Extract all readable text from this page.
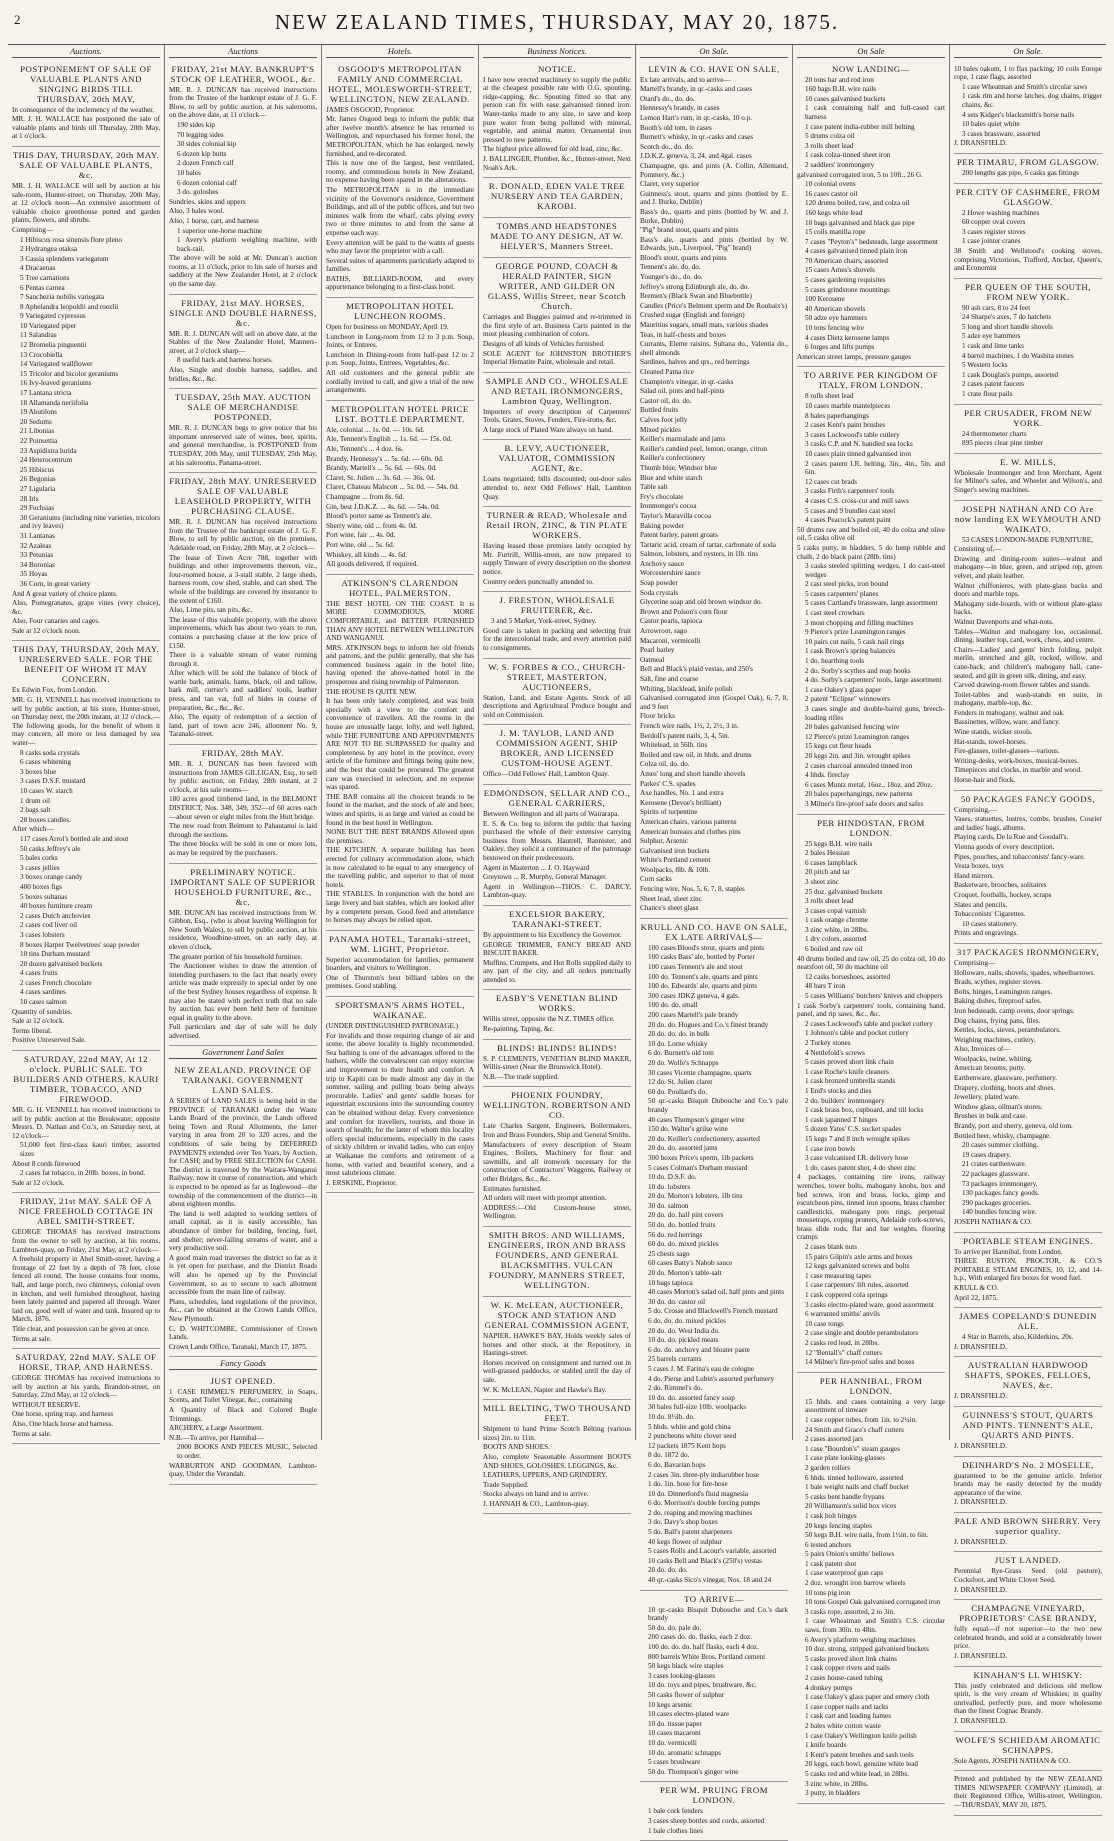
2	NEW ZEALAND TIMES, THURSDAY, MAY 20, 1875.
Auctions.
POSTPONEMENT OF SALE OF VALUABLE PLANTS AND SINGING BIRDS TILL THURSDAY, 20th MAY,
In consequence of the inclemency of the weather.
MR. J. H. WALLACE has postponed the sale of valuable plants and birds till Thursday, 20th May, at 1 o'clock.
THIS DAY, THURSDAY, 20th MAY. SALE OF VALUABLE PLANTS, &c.
MR. J. H. WALLACE will sell by auction at his sale-room, Hunter-street, on Thursday, 20th May, at 12 o'clock noon—An extensive assortment of valuable choice greenhouse potted and garden plants, flowers, and shrubs.
Comprising—
1 Hibiscus rosa sinensis flore pleno
2 Hydrangea otaksa
3 Cassia splendens variegatum
4 Dracaenas
5 Tree carnations
6 Pentas carnea
7 Sanchezia nobilis variegata
8 Aphelandra leopoldii and roezlii
9 Variegated cypressus
10 Variegated piper
11 Salandras
12 Bromelia pinguentii
13 Crocobiella
14 Variegated wallflower
15 Tricolor and bicolor geraniums
16 Ivy-leaved geraniums
17 Lantana stricta
18 Allamanda neriifolia
19 Abutilons
20 Sedums
21 Libonias
22 Poinsettia
23 Aspidistra lurida
24 Heterocentrum
25 Hibiscus
26 Begonias
27 Ligularia
28 Iris
29 Fuchsias
30 Geraniums (including nine varieties, tricolors and ivy leaves)
31 Lantanas
32 Azaleas
33 Petunias
34 Boronias
35 Hoyas
36 Corn, in great variety
And A great variety of choice plants.
Also, Pomegranates, grape vines (very choice), &c.
Also, Four canaries and cages.
Sale at 12 o'clock noon.
THIS DAY, THURSDAY, 20th MAY. UNRESERVED SALE. FOR THE BENEFIT OF WHOM IT MAY CONCERN.
Ex Edwin Fox, from London.
MR. G. H. VENNELL has received instructions to sell by public auction, at his store, Hunter-street, on Thursday next, the 20th instant, at 12 o'clock,—The following goods, for the benefit of whom it may concern, all more or less damaged by sea water—
8 casks soda crystals
6 cases whitening
3 boxes blue
3 cases D.S.F. mustard
10 cases W. starch
1 drum oil
2 bags salt
28 boxes candles.
After which—
117 cases Arrol's bottled ale and stout
50 casks Jeffrey's ale
5 bales corks
3 cases jellies
3 boxes orange candy
400 boxes figs
5 boxes sultanas
40 boxes furniture cream
2 cases Dutch anchovies
2 cases cod liver oil
3 cases lobsters
8 boxes Harper Twelvetrees' soap powder
10 tins Durham mustard
20 dozen galvanised buckets
4 cases fruits
2 cases French chocolate
4 cases sardines
10 cases salmon
Quantity of sundries.
Sale at 12 o'clock.
Terms liberal.
Positive Unreserved Sale.
SATURDAY, 22nd MAY, At 12 o'clock. PUBLIC SALE. TO BUILDERS AND OTHERS. KAURI TIMBER, TOBACCO, AND FIREWOOD.
MR. G. H. VENNELL has received instructions to sell by public auction at the Breakwater, opposite Messrs. D. Nathan and Co.'s, on Saturday next, at 12 o'clock—
51,000 feet first-class kauri timber, assorted sizes
About 8 cords firewood
2 cases fat tobacco, in 20lb. boxes, in bond.
Sale at 12 o'clock.
FRIDAY, 21st MAY. SALE OF A NICE FREEHOLD COTTAGE IN ABEL SMITH-STREET.
GEORGE THOMAS has received instructions from the owner to sell by auction, at his rooms, Lambton-quay, on Friday, 21st May, at 2 o'clock—
A freehold property in Abel Smith-street, having a frontage of 22 feet by a depth of 78 feet, close fenced all round. The house contains four rooms, hall, and large porch, two chimneys, colonial oven in kitchen, and well furnished throughout, having been lately painted and papered all through. Water laid on, good well of water and tank. Insured up to March, 1876.
Title clear, and possession can be given at once.
Terms at sale.
SATURDAY, 22nd MAY. SALE OF HORSE, TRAP, AND HARNESS.
GEORGE THOMAS has received instructions to sell by auction at his yards, Brandon-street, on Saturday, 22nd May, at 12 o'clock—
WITHOUT RESERVE.
One horse, spring trap, and harness
Also, One black horse and harness.
Terms at sale.
Auctions
FRIDAY, 21st MAY. BANKRUPT'S STOCK OF LEATHER, WOOL, &c.
MR. R. J. DUNCAN has received instructions from the Trustee of the bankrupt estate of J. G. F. Blow, to sell by public auction, at his salerooms, on the above date, at 11 o'clock—
190 sides kip
70 legging sides
30 sides colonial kip
6 dozen kip butts
2 dozen French calf
10 bales
6 dozen colonial calf
3 do. goloshes
Sundries, skins and uppers
Also, 3 bales wool.
Also, 1 horse, cart, and harness
1 superior one-horse machine
1 Avery's platform weighing machine, with back-rail.
The above will be sold at Mr. Duncan's auction rooms, at 11 o'clock, prior to his sale of horses and saddlery at the New Zealander Hotel, at 2 o'clock on the same day.
FRIDAY, 21st MAY. HORSES, SINGLE AND DOUBLE HARNESS, &c.
MR. R. J. DUNCAN will sell on above date, at the Stables of the New Zealander Hotel, Manners-street, at 2 o'clock sharp—
8 useful hack and harness horses.
Also, Single and double harness, saddles, and bridles, &c., &c.
TUESDAY, 25th MAY. AUCTION SALE OF MERCHANDISE POSTPONED.
MR. R. J. DUNCAN begs to give notice that his important unreserved sale of wines, beer, spirits, and general merchandise, is POSTPONED from TUESDAY, 20th May, until TUESDAY, 25th May, at his salerooms, Panama-street.
FRIDAY, 28th MAY. UNRESERVED SALE OF VALUABLE LEASEHOLD PROPERTY, WITH PURCHASING CLAUSE.
MR. R. J. DUNCAN has received instructions from the Trustee of the bankrupt estate of J. G. F. Blow, to sell by public auction, on the premises, Adelaide road, on Friday, 28th May, at 2 o'clock—
The lease of Town Acre 788, together with buildings and other improvements thereon, viz., four-roomed house, a 3-stall stable, 2 large sheds, harness room, cow shed, stable, and cart shed. The whole of the buildings are covered by insurance to the extent of £160.
Also, Lime pits, tan pits, &c.
The lease of this valuable property, with the above improvements, which has about two years to run, contains a purchasing clause at the low price of £150.
There is a valuable stream of water running through it.
After which will be sold the balance of block of wattle bark, animals, hams, black, oil and tallow, bark mill, currier's and saddlers' tools, leather press, and tan vat, full of hides in course of preparation, &c., &c., &c.
Also, The equity of redemption of a section of land, part of town acre 246, allotment No. 9, Taranaki-street.
FRIDAY, 28th MAY.
MR. R. J. DUNCAN has been favored with instructions from JAMES GILLIGAN, Esq., to sell by public auction, on Friday, 28th instant, at 2 o'clock, at his sale rooms—
180 acres good timbered land, in the BELMONT DISTRICT, Nos. 348, 349, 352—of 60 acres each—about seven or eight miles from the Hutt bridge.
The new road from Belmont to Pahautanui is laid through the sections.
The three blocks will be sold in one or more lots, as may be required by the purchasers.
PRELIMINARY NOTICE. IMPORTANT SALE OF SUPERIOR HOUSEHOLD FURNITURE, &c., &c.
MR. DUNCAN has received instructions from W. Gibbon, Esq., (who is about leaving Wellington for New South Wales), to sell by public auction, at his residence, Woodbine-street, on an early day, at eleven o'clock,
The greater portion of his household furniture.
The Auctioneer wishes to draw the attention of intending purchasers to the fact that nearly every article was made expressly to special order by one of the best Sydney houses regardless of expense. It may also be stated with perfect truth that no sale by auction has ever been held here of furniture equal in quality to the above.
Full particulars and day of sale will be duly advertised.
Government Land Sales
NEW ZEALAND. PROVINCE OF TARANAKI. GOVERNMENT LAND SALES.
A SERIES of LAND SALES is being held in the PROVINCE of TARANAKI under the Waste Lands Board of the province, the Lands offered being Town and Rural Allotments, the latter varying in area from 20 to 320 acres, and the conditions of sale being by DEFERRED PAYMENTS extended over Ten Years, by Auction, for CASH; and by FREE SELECTION for CASH. The district is traversed by the Waitara-Wanganui Railway, now in course of construction, and which is expected to be opened as far as Inglewood—the township of the commencement of the district—in about eighteen months.
The land is well adapted to working settlers of small capital, as it is easily accessible, has abundance of timber for building, fencing, fuel, and shelter; never-failing streams of water, and a very productive soil.
A good main road traverses the district so far as it is yet open for purchase, and the District Roads will also be opened up by the Provincial Government, so as to secure to each allotment accessible from the main line of railway.
Plans, schedules, land regulations of the province, &c., can be obtained at the Crown Lands Office, New Plymouth.
C. D. WHITCOMBE, Commissioner of Crown Lands.
Crown Lands Office, Taranaki, March 17, 1875.
Fancy Goods
JUST OPENED.
1 CASE RIMMEL'S PERFUMERY, in Soaps, Scents, and Toilet Vinegar, &c., containing
A Quantity of Black and Colored Bugle Trimmings.
ARCHERY, a Large Assortment.
N.B.—To arrive, per Hannibal—
2000 BOOKS AND PIECES MUSIC, Selected to order.
WARBURTON AND GOODMAN, Lambton-quay, Under the Verandah.
Hotels.
OSGOOD'S METROPOLITAN FAMILY AND COMMERCIAL HOTEL, MOLESWORTH-STREET, WELLINGTON, NEW ZEALAND.
JAMES OSGOOD, Proprietor.
Mr. James Osgood begs to inform the public that after twelve month's absence he has returned to Wellington, and repurchased his former hotel, the METROPOLITAN, which he has enlarged, newly furnished, and re-decorated.
This is now one of the largest, best ventilated, roomy, and commodious hotels in New Zealand, no expense having been spared in the alterations.
The METROPOLITAN is in the immediate vicinity of the Governor's residence, Government Buildings, and all of the public offices, and but two minutes walk from the wharf, cabs plying every two or three minutes to and from the same at expense each way.
Every attention will be paid to the wants of guests who may favor the proprietor with a call.
Several suites of apartments particularly adapted to families.
BATHS, BILLIARD-ROOM, and every appurtenance belonging to a first-class hotel.
METROPOLITAN HOTEL LUNCHEON ROOMS.
Open for business on MONDAY, April 19.
Luncheon in Long-room from 12 to 3 p.m. Soup, Joints, or Entrees.
Luncheon in Dining-room from half-past 12 to 2 p.m. Soup, Joints, Entrees, Vegetables, &c.
All old customers and the general public are cordially invited to call, and give a trial of the new arrangements.
METROPOLITAN HOTEL PRICE LIST. BOTTLE DEPARTMENT.
Ale, colonial ... 1s. 0d. — 10s. 6d.
Ale, Tennent's English ... 1s. 6d. — 15s. 0d.
Ale, Tennent's ... 4 doz. 6s.
Brandy, Hennessy's ... 5s. 6d. — 60s. 0d.
Brandy, Martell's ... 5s. 6d. — 60s. 0d.
Claret, St. Julien ... 3s. 6d. — 36s. 0d.
Claret, Chateau Malscott ... 5s. 0d. — 54s. 0d.
Champagne ... from 8s. 6d.
Gin, best J.D.K.Z. ... 4s. 6d. — 54s. 0d.
Blood's porter same as Tennent's ale.
Sherry wine, old ... from 4s. 0d.
Port wine, fair ... 4s. 0d.
Port wine, old ... 5s. 6d.
Whiskey, all kinds ... 4s. 6d.
All goods delivered, if required.
ATKINSON'S CLARENDON HOTEL, PALMERSTON.
THE BEST HOTEL ON THE COAST. It is MORE COMMODIOUS, MORE COMFORTABLE, and BETTER FURNISHED THAN ANY HOTEL BETWEEN WELLINGTON AND WANGANUI.
MRS. ATKINSON begs to inform her old friends and patrons, and the public generally, that she has commenced business again in the hotel line, having opened the above-named hotel in the prosperous and rising township of Palmerston.
THE HOUSE IS QUITE NEW.
It has been only lately completed, and was built specially with a view to the comfort and convenience of travellers. All the rooms in the house are unusually large, lofty, and well lighted, while THE FURNITURE AND APPOINTMENTS ARE NOT TO BE SURPASSED for quality and completeness by any hotel in the province, every article of the furniture and fittings being quite new, and the best that could be procured. The greatest care was exercised in selection, and no expense was spared.
THE BAR contains all the choicest brands to be found in the market, and the stock of ale and beer, wines and spirits, is as large and varied as could be found in the best hotel in Wellington.
NONE BUT THE BEST BRANDS Allowed upon the premises.
THE KITCHEN. A separate building has been erected for culinary accommodation alone, which is now calculated to be equal to any emergency of the travelling public, and superior to that of most hotels.
THE STABLES. In conjunction with the hotel are large livery and bait stables, which are looked after by a competent person. Good feed and attendance to horses may always be relied upon.
PANAMA HOTEL, Taranaki-street, WM. LIGHT, Proprietor.
Superior accommodation for families, permanent boarders, and visitors to Wellington.
One of Thurston's best billiard tables on the premises. Good stabling.
SPORTSMAN'S ARMS HOTEL, WAIKANAE.
(UNDER DISTINGUISHED PATRONAGE.)
For invalids and those requiring change of air and scene, the above locality is highly recommended. Sea bathing is one of the advantages offered to the bathers, while the convalescent can enjoy exercise and improvement to their health and comfort. A trip to Kapiti can be made almost any day in the summer, sailing and pulling boats being always procurable. Ladies' and gents' saddle horses for equestrian excursions into the surrounding country can be obtained without delay. Every convenience and comfort for travellers, tourists, and those in search of health; for the latter of whom this locality offers special inducements, especially in the cases of sickly children or invalid ladies, who can enjoy at Waikanae the comforts and retirement of a home, with varied and beautiful scenery, and a most salubrious climate.
J. ERSKINE, Proprietor.
Business Notices.
NOTICE.
I have now erected machinery to supply the public at the cheapest possible rate with O.G. spouting, ridge-capping, &c. Spouting fitted so that any person can fix with ease galvanised tinned iron. Water-tanks made to any size, to save and keep pure water from being polluted with mineral, vegetable, and animal matter. Ornamental iron pressed to new patterns.
The highest price allowed for old lead, zinc, &c.
J. BALLINGER, Plumber, &c., Hunter-street, Next Noah's Ark.
R. DONALD, EDEN VALE TREE NURSERY AND TEA GARDEN, KAROBI.
TOMBS AND HEADSTONES MADE TO ANY DESIGN, AT W. HELYER'S, Manners Street.
GEORGE POUND, COACH & HERALD PAINTER, SIGN WRITER, AND GILDER ON GLASS, Willis Street, near Scotch Church.
Carriages and Buggies painted and re-trimmed in the first style of art. Business Carts painted in the most pleasing combination of colors.
Designs of all kinds of Vehicles furnished.
SOLE AGENT for JOHNSTON BROTHER'S Imperial Hematite Paint, wholesale and retail.
SAMPLE AND CO., WHOLESALE AND RETAIL IRONMONGERS, Lambton Quay, Wellington.
Importers of every description of Carpenters' Tools, Grates, Stoves, Fenders, Fire-irons, &c.
A large stock of Plated Ware always on hand.
B. LEVY, AUCTIONEER, VALUATOR, COMMISSION AGENT, &c.
Loans negotiated; bills discounted; out-door sales attended to, next Odd Fellows' Hall, Lambton Quay.
TURNER & READ, Wholesale and Retail IRON, ZINC, & TIN PLATE WORKERS.
Having leased those premises lately occupied by Mr. Furtrill, Willis-street, are now prepared to supply Tinware of every description on the shortest notice.
Country orders punctually attended to.
J. FRESTON, WHOLESALE FRUITERER, &c.
3 and 5 Market, York-street, Sydney.
Good care is taken in packing and selecting fruit for the intercolonial trade, and every attention paid to consignments.
W. S. FORBES & CO., CHURCH-STREET, MASTERTON, AUCTIONEERS,
Station, Land, and Estate Agents. Stock of all descriptions and Agricultural Produce bought and sold on Commission.
J. M. TAYLOR, LAND AND COMMISSION AGENT, SHIP BROKER, AND LICENSED CUSTOM-HOUSE AGENT.
Office—Odd Fellows' Hall, Lambton Quay.
EDMONDSON, SELLAR AND CO., GENERAL CARRIERS,
Between Wellington and all parts of Wairarapa.
E. S. & Co. beg to inform the public that having purchased the whole of their extensive carrying business from Messrs. Hautrell, Bannister, and Oakley, they solicit a continuance of the patronage bestowed on their predecessors.
Agent in Masterton ... J. O. Hayward
Greytown ... R. Murphy, General Manager.
Agent in Wellington—THOS. C. DARCY, Lambton-quay.
EXCELSIOR BAKERY, TARANAKI-STREET.
By appointment to his Excellency the Governor.
GEORGE TRIMMER, FANCY BREAD AND BISCUIT BAKER.
Muffins, Crumpets, and Hot Rolls supplied daily to any part of the city, and all orders punctually attended to.
EASBY'S VENETIAN BLIND WORKS.
Willis street, opposite the N.Z. TIMES office.
Re-painting, Taping, &c.
BLINDS! BLINDS! BLINDS!
S. P. CLEMENTS, VENETIAN BLIND MAKER, Willis-street (Near the Brunswick Hotel).
N.B.—The trade supplied.
PHOENIX FOUNDRY, WELLINGTON. ROBERTSON AND CO.
Late Charles Sargent, Engineers, Boilermakers, Iron and Brass Founders, Ship and General Smiths.
Manufacturers of every description of Steam Engines, Boilers, Machinery for flour and sawmills, and all ironwork necessary for the construction of Contractors' Waggons, Railway or other Bridges, &c., &c.
Estimates furnished.
All orders will meet with prompt attention.
ADDRESS:—Old Custom-house street, Wellington.
SMITH BROS. AND WILLIAMS, ENGINEERS, IRON AND BRASS FOUNDERS, AND GENERAL BLACKSMITHS. VULCAN FOUNDRY, MANNERS STREET, WELLINGTON.
W. K. McLEAN, AUCTIONEER, STOCK AND STATION AND GENERAL COMMISSION AGENT,
NAPIER, HAWKE'S BAY, Holds weekly sales of horses and other stock, at the Repository, in Hastings-street.
Horses received on consignment and turned out in well-grassed paddocks, or stabled until the day of sale.
W. K. McLEAN, Napier and Hawke's Bay.
MILL BELTING, TWO THOUSAND FEET.
Shipment to hand Prime Scotch Belting (various sizes) 2in. to 11in.
BOOTS AND SHOES.
Also, complete Seasonable Assortment BOOTS AND SHOES, GOLOSHES, LEGGINGS, &c.
LEATHERS, UPPERS, AND GRINDERY.
Trade Supplied.
Stocks always on hand and to arrive.
J. HANNAH & CO., Lambton-quay.
On Sale.
LEVIN & CO. HAVE ON SALE,
Ex late arrivals, and to arrive—
Martell's brandy, in qr.-casks and cases
Otard's do., do. do.
Hennessy's brandy, in cases
Lemon Hart's rum, in qr.-casks, 10 o.p.
Booth's old tom, in cases
Burnett's whisky, in qr.-casks and cases
Scotch do., do. do.
J.D.K.Z. geneva, 3, 24, and 4gal. cases
Champagne, qts. and pints (A. Collin, Allemand, Pommery, &c.)
Claret, very superior
Guinness's stout, quarts and pints (bottled by E. and J. Burke, Dublin)
Bass's do., quarts and pints (bottled by W. and J. Burke, Dublin)
"Pig" brand stout, quarts and pints
Bass's ale, quarts and pints (bottled by W. Edwards, jun., Liverpool, "Pig" brand)
Blood's stout, quarts and pints
Tennent's ale, do. do.
Younger's do., do. do.
Jeffrey's strong Edinburgh ale, do. do.
Bremen's (Black Swan and Bluebottle)
Candles (Price's Belmont sperm and De Roubaix's)
Crushed sugar (English and foreign)
Mauritius sugars, small mats, various shades
Teas, in half-chests and boxes
Currants, Eleme raisins, Sultana do., Valentia do., shell almonds
Sardines, halves and qrs., red herrings
Cleaned Patna rice
Champion's vinegar, in qr.-casks
Salad oil, pints and half-pints
Castor oil, do. do.
Bottled fruits
Calves foot jelly
Mixed pickles
Keiller's marmalade and jams
Keiller's candied peel, lemon, orange, citron
Keiller's confectionery
Thumb blue, Windsor blue
Blue and white starch
Table salt
Fry's chocolate
Ironmonger's cocoa
Taylor's Maravilla cocoa
Baking powder
Patent barley, patent groats
Tartaric acid, cream of tartar, carbonate of soda
Salmon, lobsters, and oysters, in 1lb. tins
Anchovy sauce
Worcestershire sauce
Soap powder
Soda crystals
Glycerine soap and old brown windsor do.
Brown and Polson's corn flour
Castor pearls, tapioca
Arrowroot, sago
Macaroni, vermicelli
Pearl barley
Oatmeal
Bell and Black's plaid vestas, and 250's
Salt, fine and coarse
Whiting, blacklead, knife polish
Galvanised corrugated iron (Gospel Oak), 6, 7, 8, and 9 feet
Floor bricks
French wire nails, 1½, 2, 2½, 3 in.
Berdoll's patent nails, 3, 4, 5in.
Whitelead, in 56lb. tins
Boiled and raw oil, in hhds. and drums
Colza oil, do. do.
Ames' long and short handle shovels
Parkes' C.S. spades
Axe handles, No. 1 and extra
Kerosene (Devoe's brilliant)
Spirits of turpentine
American chairs, various patterns
American bureaus and clothes pins
Sulphur, Arsenic
Galvanised iron buckets
White's Portland cement
Woolpacks, 8lb. & 10lb.
Corn sacks
Fencing wire, Nos. 5, 6, 7, 8, staples
Sheet lead, sheet zinc
Chance's sheet glass
KRULL AND CO. HAVE ON SALE, EX LATE ARRIVALS—
100 cases Blood's stout, quarts and pints
100 casks Bass' ale, bottled by Porter
100 cases Tennent's ale and stout
100 do. Tennent's ale, quarts and pints
100 do. Edwards' ale, quarts and pints
300 cases JDKZ geneva, 4 gals.
100 do. do. small
200 cases Martell's pale brandy
20 do. do. Hugues and Co.'s finest brandy
20 do. do. do. in bulk
10 do. Lorne whisky
6 do. Burnett's old tom
20 do. Wolfe's Schnapps
30 cases Vicente champagne, quarts
12 do. St. Julien claret
60 do. Poullard's do.
50 qr.-casks Bisquit Dubouche and Co.'s pale brandy
40 cases Thompson's ginger wine
150 do. Walter's grilse wine
20 do. Keiller's confectionery, assorted
20 do. do. assorted jams
300 boxes Price's sperm, 1lb packets
5 cases Colman's Durham mustard
10 do. D.S.F. do.
10 do. lobsters
20 do. Morton's lobsters, 1lb tins
30 do. salmon
20 do. do. half pint covers
50 do. do. bottled fruits
56 do. red herrings
60 do. do. mixed pickles
25 chests sago
60 cases Batty's Nabob sauce
20 do. Morton's table-salt
10 bags tapioca
40 cases Morton's salad oil, half pints and pints
30 do. do. castor oil
5 do. Crosse and Blackwell's French mustard
6 do. do. do. mixed pickles
20 do. do. West India do.
10 do. do. pickled meats
6 do. do. anchovy and bloater paste
25 barrels currants
5 cases J. M. Farina's eau de cologne
4 do. Pierse and Lubin's assorted perfumery
2 do. Rimmel's do.
10 do. do. assorted fancy soap
30 bales full-size 10lb. woolpacks
10 do. 8½lb. do.
5 hhds. white and gold china
2 puncheons white clover seed
12 packets 1875 Kent hops
8 do. 1872 do.
6 do. Bavarian hops
2 cases 3in. three-ply indiarubber hose
1 do. 1in. hose for fire-hose
10 do. Dinnerford's fluid magnesia
6 do. Morrison's double forcing pumps
2 do. reaping and mowing machines
3 do. Davy's shop boxes
5 do. Ball's patent sharpeners
40 kegs flower of sulphur
5 cases Rolls and Lacour's variable, assorted
10 casks Bell and Black's (250's) vestas
20 do. do. do.
40 qr.-casks Sico's vinegar, Nos. 18 and 24
TO ARRIVE—
10 qr.-casks Bisquit Dubouche and Co.'s dark brandy
50 do. do. pale do.
200 cases do. do. flasks, each 2 doz.
100 do. do. do. half flasks, each 4 doz.
800 barrels White Bros. Portland cement
50 kegs black wire staples
3 cases looking-glasses
10 do. toys and pipes, brushware, &c.
50 casks flower of sulphur
10 kegs arsenic
10 cases electro-plated ware
10 do. tissue paper
10 cases macaroni
10 do. vermicelli
10 do. aromatic schnapps
5 cases brushware
50 do. Thompson's ginger wine
PER WM. PRUING FROM LONDON.
1 bale cork fenders
3 cases sheep bottles and cords, assorted
1 bale clothes lines
On Sale
NOW LANDING—
20 tons bar and rod iron
160 bags B.H. wire nails
10 cases galvanised buckets
1 cask containing half and full-cased cart harness
1 case patent india-rubber mill belting
5 drums colza oil
3 rolls sheet lead
1 cask colza-tinned sheet iron
2 saddlers' ironmongery
galvanised corrugated iron, 5 to 10ft., 26 G.
10 colonial ovens
16 cases castor oil
120 drums boiled, raw, and colza oil
160 kegs white lead
10 bags galvanised and black gas pipe
15 coils manilla rope
7 cases "Peyton's" bedsteads, large assortment
4 cases galvanised tinned plain iron
70 American chairs, assorted
15 cases Ames's shovels
5 cases gardening requisites
5 cases grindstone mountings
100 Kerosene
40 American shovels
50 adze eye hammers
10 tons fencing wire
4 cases Dietz kerosene lamps
6 forges and lifts pumps
American street lamps, pressure gauges
TO ARRIVE PER KINGDOM OF ITALY, FROM LONDON.
8 rolls sheet lead
10 cases marble mantelpieces
8 bales paperhangings
2 cases Kent's paint brushes
3 cases Lockwood's table cutlery
3 casks C.P. and N. handled sea locks
10 cases plain tinned galvanised iron
2 cases patent I.R. belting, 3in., 4in., 5in. and 6in.
12 cases cut brads
3 casks Firth's carpenters' tools
4 cases C.S. cross-cut and mill saws
5 cases and 9 bundles cast steel
4 cases Peacock's patent paint
50 drums raw and boiled oil, 40 do colza and olive oil, 5 casks olive oil
5 casks putty, in bladders, 5 do lump rubble and chalk, 2 do black paint (28lb. tins)
3 casks steeled splitting wedges, 1 do cast-steel wedges
2 cast steel picks, iron bound
5 cases carpenters' planes
5 cases Cartland's brassware, large assortment
1 cast steel crowbars
3 most chopping and filling machines
9 Pierce's prize Leamington ranges
10 pairs cut nails, 5 cask nail rings
1 cask Brown's spring balances
1 do. hearthing tools
2 do. Sorby's scythes and reap hooks
4 do. Sorby's carpenters' tools, large assortment
1 case Oakey's glass paper
2 patent "Eclipse" winnowers
3 cases single and double-barrel guns, breech-loading rifles
20 bales galvanised fencing wire
12 Pierce's prize Leamington ranges
15 kegs cut fleur heads
20 kegs 2in. and 3in. wrought spikes
2 cases charcoal annealed tinned iron
4 hhds. fireclay
6 cases Muntz metal, 16oz., 18oz. and 20oz.
20 bales paperhangings, new patterns
3 Milner's fire-proof safe doors and safes
PER HINDOSTAN, FROM LONDON.
25 kegs B.H. wire nails
2 bales Hessian
6 cases lampblack
20 pitch and tar
3 sheet zinc
25 doz. galvanised buckets
3 rolls sheet lead
3 cases copal varnish
1 cask orange chrome
3 zinc white, in 28lbs.
1 dry colors, assorted
6 boiled and raw oil
40 drums boiled and raw oil, 25 do colza oil, 10 do neatsfoot oil, 50 do machine oil
12 casks horseshoes, assorted
48 bars T iron
5 cases Williams' butchers' knives and choppers
1 cask Sorby's carpenters' tools, containing hand, panel, and rip saws, &c., &c.
2 cases Lockwood's table and pocket cutlery
1 Johnson's table and pocket cutlery
2 Turkey stones
4 Nettlefold's screws
5 cases proved short link chain
1 case Roche's knife cleaners
1 cask bronzed umbrella stands
1 End's stocks and dies
2 do. builders' ironmongery
1 cask brass box, cupboard, and till locks
1 cask japanned T hinges
5 dozen Yates' C.S. socket spades
15 kegs 7 and 8 inch wrought spikes
1 case iron bowls
3 case vulcanised I.R. delivery hose
1 do. cases patent shot, 4 do sheet zinc
4 packages, containing tire irons, railway wrenches, tower bolts, mahogany knobs, box and bed screws, iron and brass, locks, gimp and escutcheon pins, tinned iron spoons, brass chamber candlesticks, mahogany pots rings, perpetual mousetraps, coping pruners, Adelaide cork-screws, brass slide rods, flat and bar weights, flooring cramps
2 cases blank nuts
15 pairs Gilpin's axle arms and boxes
12 kegs galvanized screws and bolts
1 case measuring tapes
1 case carpenters' lift rules, assorted
1 cask coppered cola springs
3 casks electro-plated ware, good assortment
6 warranted smiths' anvils
10 case tongs
2 case single and double perambulators
2 casks red lead, in 28lbs.
12 "Bentall's" chaff cutters
14 Milner's fire-proof safes and boxes
PER HANNIBAL, FROM LONDON.
15 hhds. and cases containing a very large assortment of tinware
1 case copper tubes, from 1in. to 2¼in.
24 Smith and Grace's chaff cutters
2 cases assorted jars
1 case "Bourdon's" steam gauges
1 case plate looking-glasses
2 garden rollers
6 hhds. tinned holloware, assorted
1 bale weight nails and chaff bucket
5 casks bent handle frypans
20 Williamson's solid box vices
1 cask bolt hinges
20 kegs fencing staples
50 kegs B.H. wire nails, from 1½in. to 6in.
6 tested anchors
5 pairs Onion's smiths' bellows
1 cask patent shot
1 case waterproof gun caps
2 doz. wrought iron barrow wheels
10 tons pig iron
10 tons Gospel Oak galvanised corrugated iron
3 casks rope, assorted, 2 to 3in.
1 case Wheatman and Smith's C.S. circular saws, from 30in. to 48in.
6 Avery's platform weighing machines
10 doz. strong, stripped galvanised buckets
5 casks proved short link chains
1 cask copper rivets and nails
2 cases house-cased tubing
4 donkey pumps
1 case Oakey's glass paper and emery cloth
1 case copper nails and tacks
1 cask cart and leading hames
2 bales white cotton waste
1 case Oakey's Wellington knife polish
1 knife boards
1 Kent's patent brushes and sash tools
20 kegs, each bowl, genuine white lead
5 casks red and white lead, in 28lbs.
3 zinc white, in 28lbs.
3 putty, in bladders
On Sale.
10 bales oakum, 1 to flax packing, 10 coils Europe rope, 1 case flags, assorted
1 case Wheatman and Smith's circular saws
1 cask rim and horse latches, dog chains, trigger chains, &c.
4 sets Kidger's blacksmith's horse nails
10 bales quiet white
3 cases brassware, assorted
J. DRANSFIELD.
PER TIMARU, FROM GLASGOW.
200 lengths gas pipe, 6 casks gas fittings
PER CITY OF CASHMERE, FROM GLASGOW.
2 Howe washing machines
60 copper oval covers
3 cases register stoves
1 case jointer cranes
38 Smith and Wellstood's cooking stoves, comprising Victorious, Trafford, Anchor, Queen's, and Economist
PER QUEEN OF THE SOUTH, FROM NEW YORK.
90 ash cars, 8 to 24 feet
24 Sharpe's axes, 7 do hatchets
5 long and short handle shovels
5 adze eye hammers
1 cask and lime tanks
4 barrel machines, 1 do Washita stones
5 Western locks
1 cask Douglas's pumps, assorted
2 cases patent faucets
1 crate flour pails
PER CRUSADER, FROM NEW YORK.
24 thermometer charts
895 pieces clear pine timber
E. W. MILLS,
Wholesale Ironmonger and Iron Merchant, Agent for Milner's safes, and Wheeler and Wilson's, and Singer's sewing machines.
JOSEPH NATHAN AND CO Are now landing EX WEYMOUTH AND WAIKATO.
53 CASES LONDON-MADE FURNITURE,
Consisting of,—
Drawing and dining-room suites—walnut and mahogany—in blue, green, and striped rep, green velvet, and plain leather.
Walnut chiffonieres, with plate-glass backs and doors and marble tops.
Mahogany side-boards, with or without plate-glass backs.
Walnut Davenports and what-nots.
Tables—Walnut and mahogany loo, occasional, dining, leather top, card, work, chess, and centre.
Chairs—Ladies' and gents' birch folding, pulpit merlin, stretched and gilt, rocked, willow, and cane-back; and children's mahogany hall, cane-seated, and gilt in green silk, dining, and easy.
Carved drawing-room flower tables and stands.
Toilet-tables and wash-stands en suite, in mahogany, marble-top, &c.
Fenders in mahogany, walnut and oak.
Bassinettes, willow, ware, and fancy.
Wine stands, wicker stools.
Hat-stands, towel-horses.
Fire-glasses, toilet-glasses—various.
Writing-desks, work-boxes, musical-boxes.
Timepieces and clocks, in marble and wood.
Horse-hair and flock.
50 PACKAGES FANCY GOODS,
Comprising,—
Vases, statuettes, lustres, combs, brushes, Courier and ladies' bags, albums.
Playing cards, De la Rue and Goodall's.
Vienna goods of every description.
Pipes, pouches, and tobacconists' fancy-ware.
Vesta boxes, toys
Hand mirrors.
Basketware, brooches, solitaires
Croquet, footballs, hockey, scraps
Slates and pencils.
Tobacconists' Cigarettes.
10 cases stationery.
Prints and engravings.
317 PACKAGES IRONMONGERY,
Comprising—
Holloware, nails, shovels, spades, wheelbarrows.
Brads, scythes, register stoves.
Bolts, hinges, Leamington ranges.
Baking dishes, fireproof safes.
Iron bedsteads, camp ovens, door springs.
Dog chains, frying pans, files.
Kettles, locks, sieves, perambulators.
Weighing machines, cutlery.
Also, Invoices of—
Woolpacks, twine, whiting.
American brooms, putty.
Earthenware, glassware, perfumery.
Drapery, clothing, boots and shoes.
Jewellery, plated ware.
Window glass, oilman's stores.
Brushes in bulk and case.
Brandy, port and sherry, geneva, old tom.
Bottled beer, whisky, champagne.
20 cases summer clothing.
19 cases drapery.
21 crates earthenware.
22 packages glassware.
73 packages ironmongery.
130 packages fancy goods.
290 packages groceries.
140 bundles fencing wire.
JOSEPH NATHAN & CO.
PORTABLE STEAM ENGINES.
To arrive per Hannibal, from London.
THREE RUSTON, PROCTOR, & CO.'S PORTABLE STEAM ENGINES, 10, 12, and 14-h.p., With enlarged fire boxes for wood fuel.
KRULL & CO.
April 22, 1875.
JAMES COPELAND'S DUNEDIN ALE.
4 Star in Barrels, also, Kilderkins, 20s.
J. DRANSFIELD.
AUSTRALIAN HARDWOOD SHAFTS, SPOKES, FELLOES, NAVES, &c.
J. DRANSFIELD.
GUINNESS'S STOUT, QUARTS AND PINTS. TENNENT'S ALE, QUARTS AND PINTS.
J. DRANSFIELD.
DEINHARD'S No. 2 MOSELLE,
guaranteed to be the genuine article. Inferior brands may be easily detected by the muddy appearance of the wine.
J. DRANSFIELD.
PALE AND BROWN SHERRY. Very superior quality.
J. DRANSFIELD.
JUST LANDED.
Perennial Rye-Grass Seed (old pasture), Cocksfoot, and White Clover Seed.
J. DRANSFIELD.
CHAMPAGNE VINEYARD, PROPRIETORS' CASE BRANDY,
fully equal—if not superior—to the two new celebrated brands, and sold at a considerably lower price.
J. DRANSFIELD.
KINAHAN'S LL WHISKY:
This justly celebrated and delicious old mellow spirit, is the very cream of Whiskies; in quality unrivalled, perfectly pure, and more wholesome than the finest Cognac Brandy.
J. DRANSFIELD.
WOLFE'S SCHIEDAM AROMATIC SCHNAPPS.
Sole Agents, JOSEPH NATHAN & CO.
Printed and published by the NEW ZEALAND TIMES NEWSPAPER COMPANY (Limited), at their Registered Office, Willis-street, Wellington.—THURSDAY, MAY 20, 1875.
